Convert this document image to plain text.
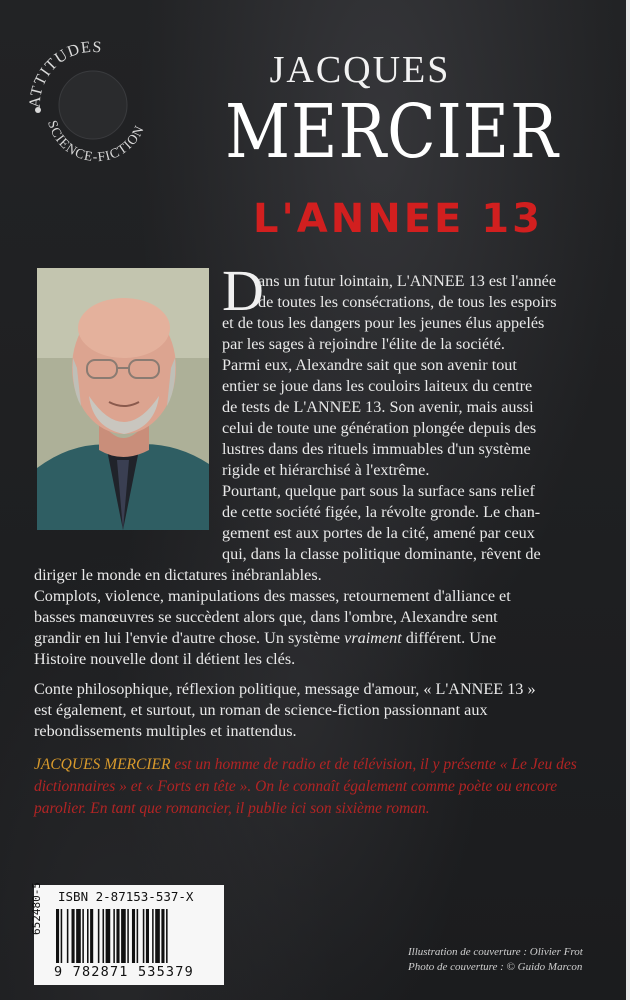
ATTITUDES
SCIENCE-FICTION
JACQUES
MERCIER
L'ANNEE 13
D
ans un futur lointain, L'ANNEE 13 est l'année
de toutes les consécrations, de tous les espoirs
et de tous les dangers pour les jeunes élus appelés
par les sages à rejoindre l'élite de la société.
Parmi eux, Alexandre sait que son avenir tout
entier se joue dans les couloirs laiteux du centre
de tests de L'ANNEE 13. Son avenir, mais aussi
celui de toute une génération plongée depuis des
lustres dans des rituels immuables d'un système
rigide et hiérarchisé à l'extrême.
Pourtant, quelque part sous la surface sans relief
de cette société figée, la révolte gronde. Le chan-
gement est aux portes de la cité, amené par ceux
qui, dans la classe politique dominante, rêvent de
diriger le monde en dictatures inébranlables.
Complots, violence, manipulations des masses, retournement d'alliance et
basses manœuvres se succèdent alors que, dans l'ombre, Alexandre sent
grandir en lui l'envie d'autre chose. Un système vraiment différent. Une
Histoire nouvelle dont il détient les clés.
Conte philosophique, réflexion politique, message d'amour, « L'ANNEE 13 »
est également, et surtout, un roman de science-fiction passionnant aux
rebondissements multiples et inattendus.
JACQUES MERCIER est un homme de radio et de télévision, il y présente « Le Jeu des dictionnaires » et « Forts en tête ». On le connaît également comme poète ou encore parolier. En tant que romancier, il publie ici son sixième roman.
ISBN 2-87153-537-X
652480-5
9 782871 535379
Illustration de couverture : Olivier Frot
Photo de couverture : © Guido Marcon
